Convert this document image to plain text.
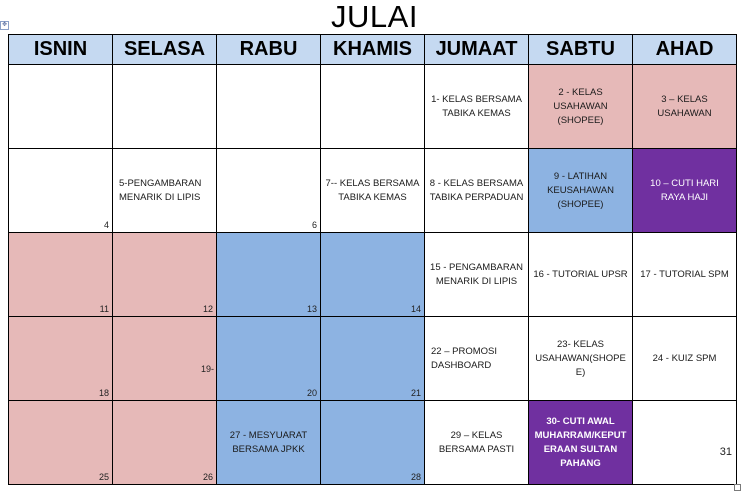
✥	JULAI
ISNIN	SELASA	RABU	KHAMIS	JUMAAT	SABTU	AHAD

				1- KELAS BERSAMA TABIKA KEMAS	2 - KELAS USAHAWAN (SHOPEE)	3 – KELAS USAHAWAN

4	5-PENGAMBARAN MENARIK DI LIPIS	6	7-- KELAS BERSAMA TABIKA KEMAS	8 - KELAS BERSAMA TABIKA PERPADUAN	9 - LATIHAN KEUSAHAWAN (SHOPEE)	10 – CUTI HARI RAYA HAJI

11	12	13	14	15 - PENGAMBARAN MENARIK DI LIPIS	16 - TUTORIAL UPSR	17 - TUTORIAL SPM

18	19-	20	21	22 – PROMOSI DASHBOARD	23- KELAS USAHAWAN(SHOPEE)	24 - KUIZ SPM

25	26	27 - MESYUARAT BERSAMA JPKK	28	29 – KELAS BERSAMA PASTI	30- CUTI AWAL MUHARRAM/KEPUTERAAN SULTAN PAHANG	31
